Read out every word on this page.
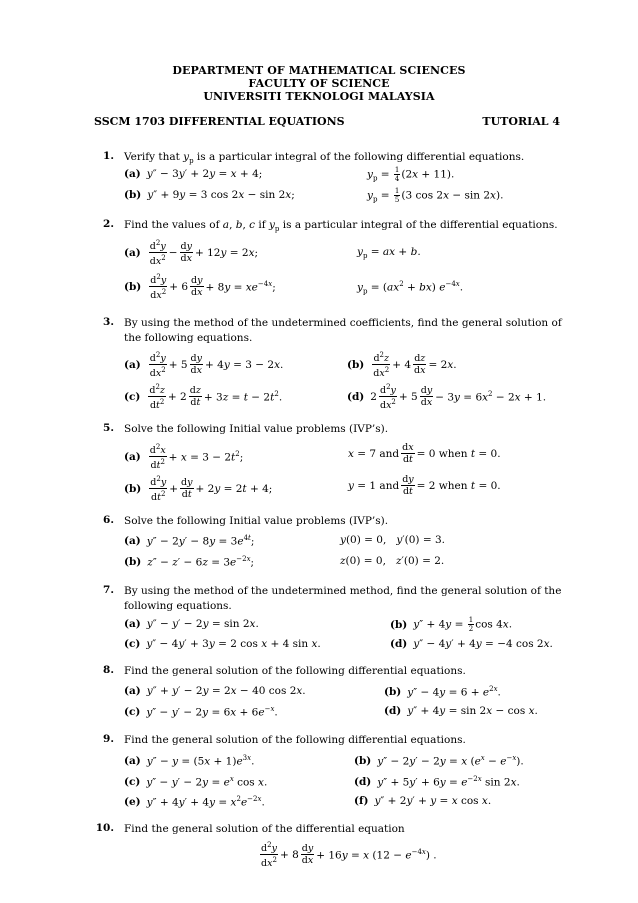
DEPARTMENT OF MATHEMATICAL SCIENCES
FACULTY OF SCIENCE
UNIVERSITI TEKNOLOGI MALAYSIA
SSCM 1703 DIFFERENTIAL EQUATIONS	TUTORIAL 4
1. Verify that $y_p$ is a particular integral of the following differential equations.
(a) y″ − 3y′ + 2y = x + 4;	$y_p = \frac{1}{4} (2x + 11)$.
(b) y″ + 9y = 3 cos 2x − sin 2x;	$y_p = \frac{1}{5} (3$ cos 2x − sin 2x).
2. Find the values of a, b, c if $y_p$ is a particular integral of the differential equations.
$(a) \frac{d^2y}{dx^2} - \frac{dy}{dx} + 12y = 2x$;	$y_p$ = ax + b.
$(b) \frac{d^2y}{dx^2} + 6 \frac{dy}{dx} + 8y = xe^{-4x}$;	$y_p = (ax^2 + bx)$ $e^{-4x}$.
3. By using the method of the undetermined coefficients, find the general solution of the following equations.
$(a) \frac{d^2y}{dx^2} + 5 \frac{dy}{dx} + 4y = 3 - 2x$.	$(b) \frac{d^2z}{dx^2} + 4 \frac{dz}{dx} = 2x$.
$(c) \frac{d^2z}{dt^2} + 2 \frac{dz}{dt} + 3z = t - 2t^2$.	(d) $2 \frac{d^2y}{dx^2} + 5 \frac{dy}{dx} - 3y = 6x^2 - 2x + 1$.
5. Solve the following Initial value problems (IVP’s).
$(a) \frac{d^2x}{dt^2} + x = 3 - 2t^2$;	x = 7 and $\frac{dx}{dt} = 0$ when t = 0.
$(b) \frac{d^2y}{dt^2} + \frac{dy}{dt} + 2y = 2t + 4$;	y = 1 and $\frac{dy}{dt} = 2$ when t = 0.
6. Solve the following Initial value problems (IVP’s).
(a) $y'' - 2y' - 8y = 3e^{4t}$;	y(0) = 0,   y′(0) = 3.
(b) $z'' - z' - 6z = 3e^{-2x}$;	z(0) = 0,   z′(0) = 2.
7. By using the method of the undetermined method, find the general solution of the following equations.
(a) y″ − y′ − 2y = sin 2x.	(b) $y'' + 4y = \frac{1}{2}$ cos 4x.
(c) y″ − 4y′ + 3y = 2 cos x + 4 sin x.	(d) y″ − 4y′ + 4y = −4 cos 2x.
8. Find the general solution of the following differential equations.
(a) y″ + y′ − 2y = 2x − 40 cos 2x.	(b) $y'' - 4y = 6 + e^{2x}$.
(c) $y'' - y' - 2y = 6x + 6e^{-x}$.	(d) y″ + 4y = sin 2x − cos x.
9. Find the general solution of the following differential equations.
(a) $y'' - y = (5x + 1)e^{3x}$.	(b) y″ − 2y′ − 2y = x $(e^x - e^{-x})$.
(c) $y'' - y' - 2y = e^x$ cos x.	(d) $y'' + 5y' + 6y = e^{-2x}$ sin 2x.
(e) $y'' + 4y' + 4y = x^2e^{-2x}$.	(f) y″ + 2y′ + y = x cos x.
10. Find the general solution of the differential equation
$\frac{d^2y}{dx^2} + 8 \frac{dy}{dx} + 16y = x$ $(12 - e^{-4x})$ .
